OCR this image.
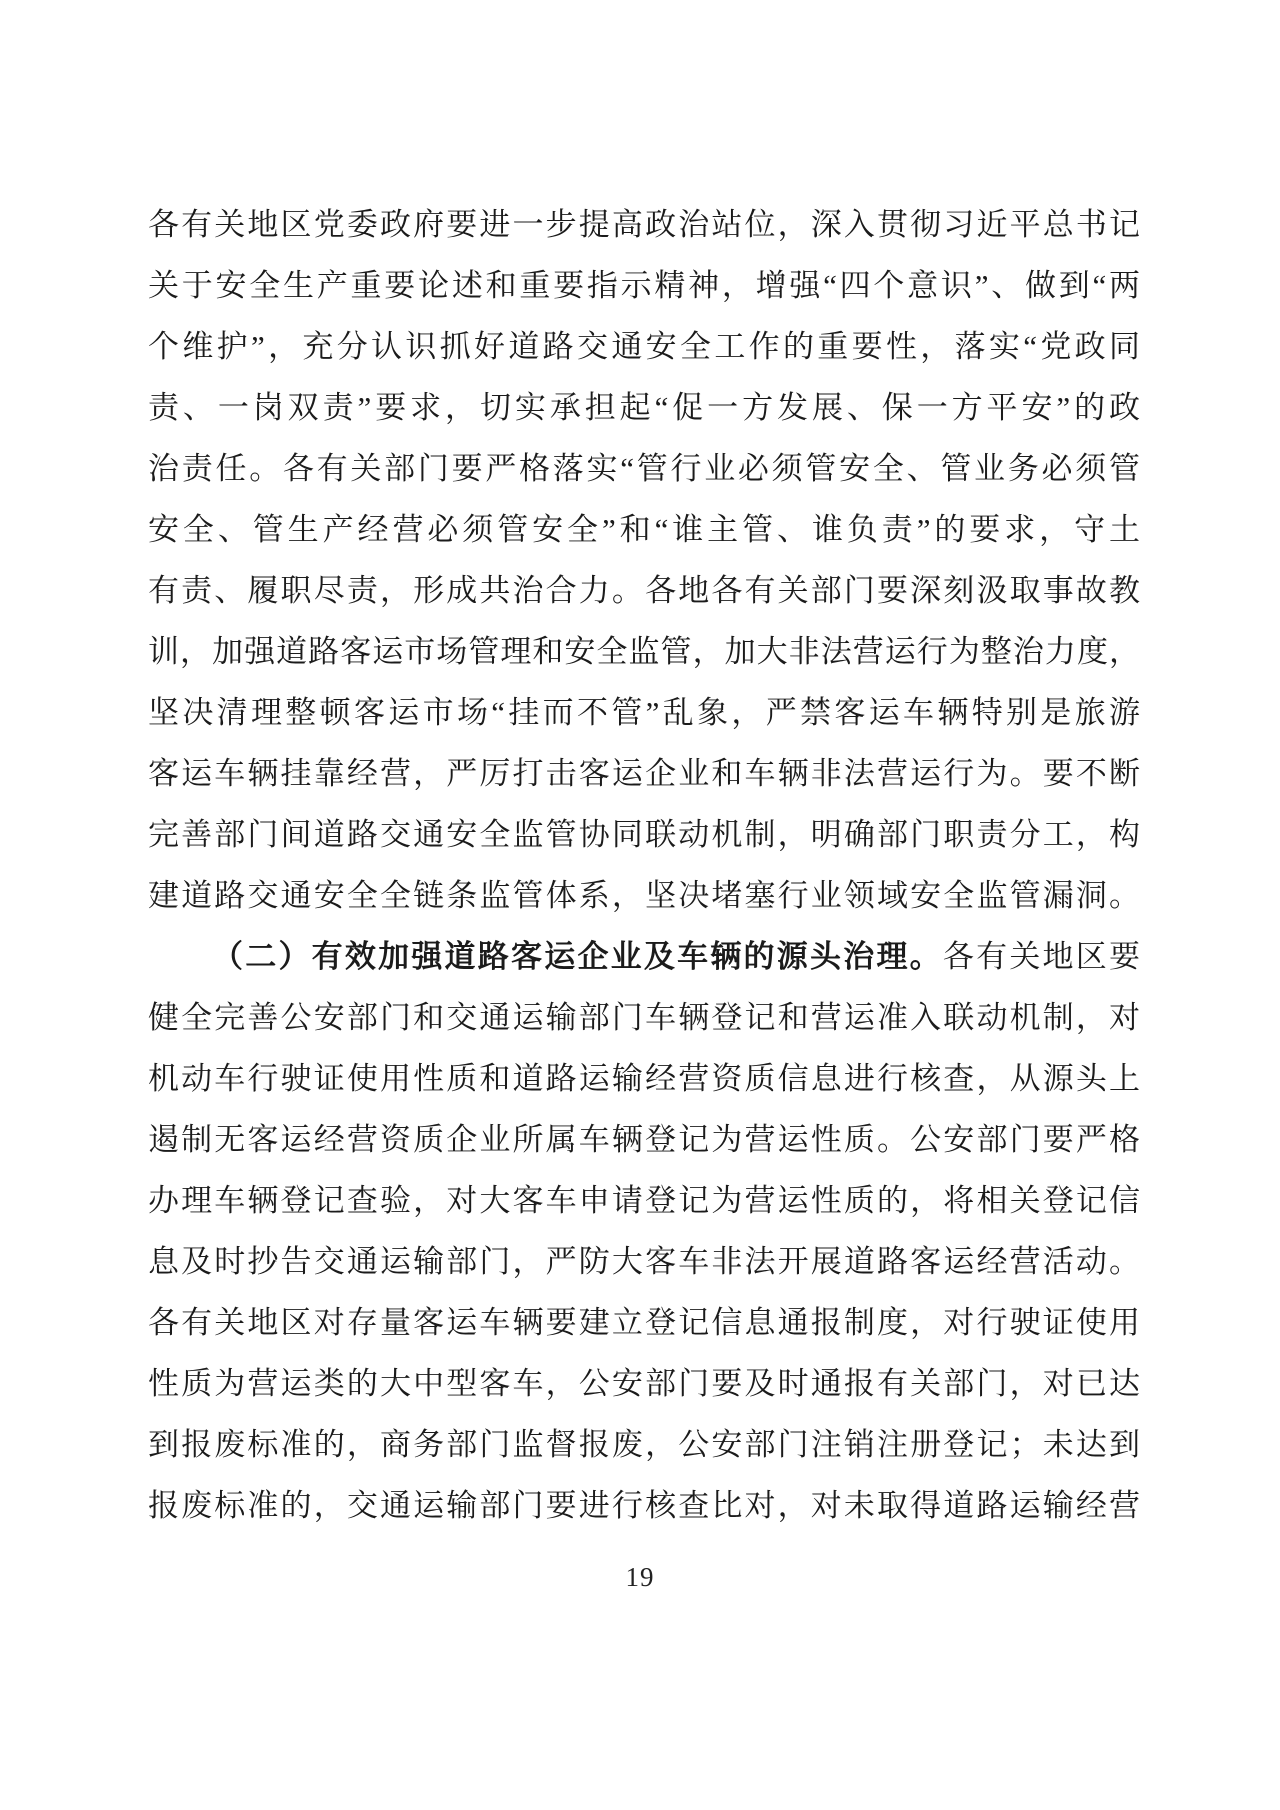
各有关地区党委政府要进一步提高政治站位，深入贯彻习近平总书记
关于安全生产重要论述和重要指示精神，增强“四个意识”、做到“两
个维护”，充分认识抓好道路交通安全工作的重要性，落实“党政同
责、一岗双责”要求，切实承担起“促一方发展、保一方平安”的政
治责任。各有关部门要严格落实“管行业必须管安全、管业务必须管
安全、管生产经营必须管安全”和“谁主管、谁负责”的要求，守土
有责、履职尽责，形成共治合力。各地各有关部门要深刻汲取事故教
训，加强道路客运市场管理和安全监管，加大非法营运行为整治力度，
坚决清理整顿客运市场“挂而不管”乱象，严禁客运车辆特别是旅游
客运车辆挂靠经营，严厉打击客运企业和车辆非法营运行为。要不断
完善部门间道路交通安全监管协同联动机制，明确部门职责分工，构
建道路交通安全全链条监管体系，坚决堵塞行业领域安全监管漏洞。
（二）有效加强道路客运企业及车辆的源头治理。各有关地区要
健全完善公安部门和交通运输部门车辆登记和营运准入联动机制，对
机动车行驶证使用性质和道路运输经营资质信息进行核查，从源头上
遏制无客运经营资质企业所属车辆登记为营运性质。公安部门要严格
办理车辆登记查验，对大客车申请登记为营运性质的，将相关登记信
息及时抄告交通运输部门，严防大客车非法开展道路客运经营活动。
各有关地区对存量客运车辆要建立登记信息通报制度，对行驶证使用
性质为营运类的大中型客车，公安部门要及时通报有关部门，对已达
到报废标准的，商务部门监督报废，公安部门注销注册登记；未达到
报废标准的，交通运输部门要进行核查比对，对未取得道路运输经营
19
